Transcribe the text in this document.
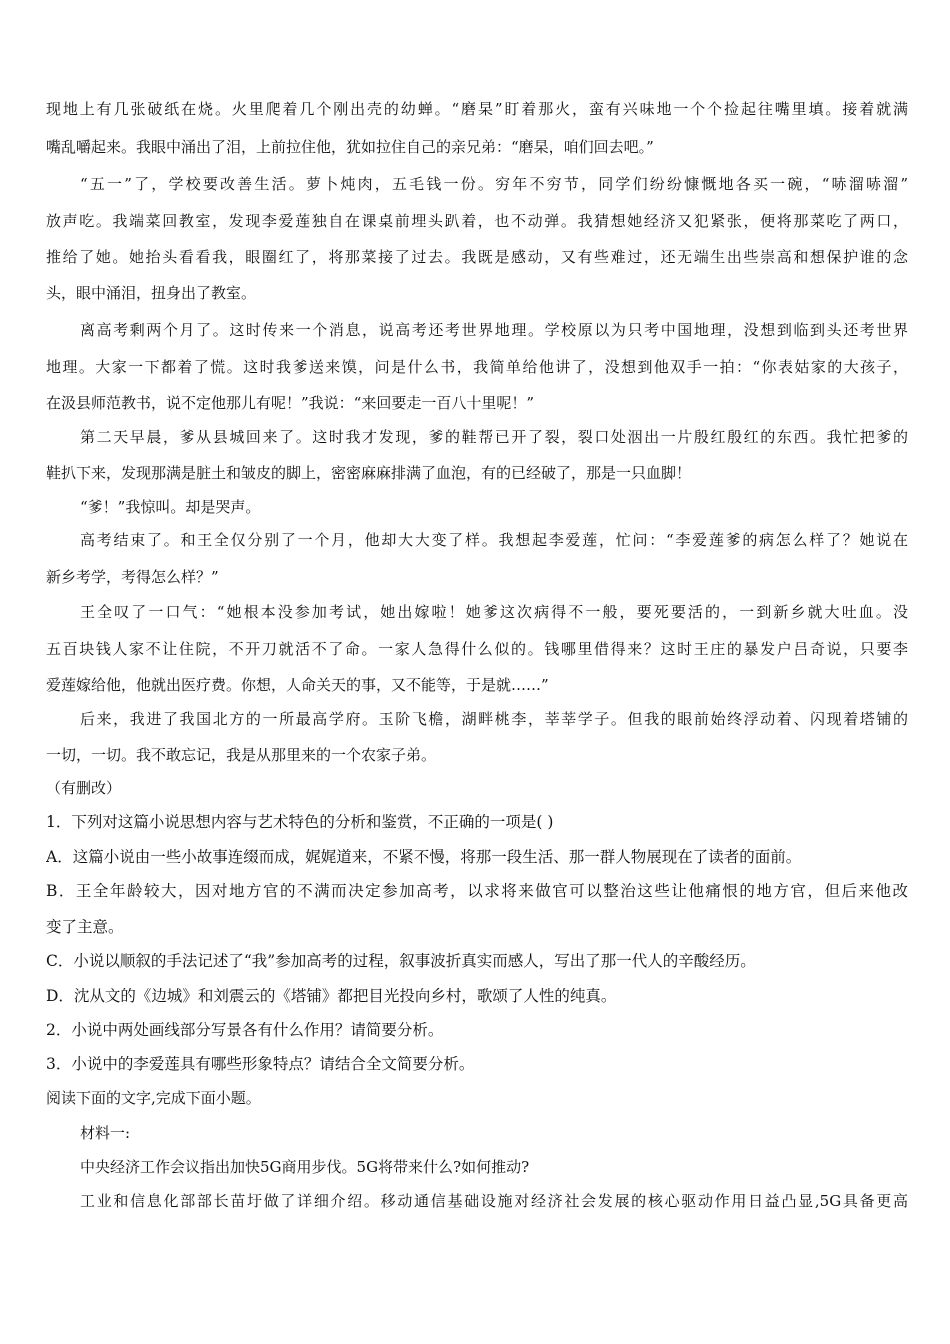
现地上有几张破纸在烧。火里爬着几个刚出壳的幼蝉。“磨杲”盯着那火，蛮有兴味地一个个捡起往嘴里填。接着就满
嘴乱嚼起来。我眼中涌出了泪，上前拉住他，犹如拉住自己的亲兄弟：“磨杲，咱们回去吧。”
“五一”了，学校要改善生活。萝卜炖肉，五毛钱一份。穷年不穷节，同学们纷纷慷慨地各买一碗，“哧溜哧溜”
放声吃。我端菜回教室，发现李爱莲独自在课桌前埋头趴着，也不动弹。我猜想她经济又犯紧张，便将那菜吃了两口，
推给了她。她抬头看看我，眼圈红了，将那菜接了过去。我既是感动，又有些难过，还无端生出些崇高和想保护谁的念
头，眼中涌泪，扭身出了教室。
离高考剩两个月了。这时传来一个消息，说高考还考世界地理。学校原以为只考中国地理，没想到临到头还考世界
地理。大家一下都着了慌。这时我爹送来馍，问是什么书，我简单给他讲了，没想到他双手一拍：“你表姑家的大孩子，
在汲县师范教书，说不定他那儿有呢！”我说：“来回要走一百八十里呢！”
第二天早晨，爹从县城回来了。这时我才发现，爹的鞋帮已开了裂，裂口处洇出一片殷红殷红的东西。我忙把爹的
鞋扒下来，发现那满是脏土和皱皮的脚上，密密麻麻排满了血泡，有的已经破了，那是一只血脚！
“爹！”我惊叫。却是哭声。
高考结束了。和王全仅分别了一个月，他却大大变了样。我想起李爱莲，忙问：“李爱莲爹的病怎么样了？她说在
新乡考学，考得怎么样？”
王全叹了一口气：“她根本没参加考试，她出嫁啦！她爹这次病得不一般，要死要活的，一到新乡就大吐血。没
五百块钱人家不让住院，不开刀就活不了命。一家人急得什么似的。钱哪里借得来？这时王庄的暴发户吕奇说，只要李
爱莲嫁给他，他就出医疗费。你想，人命关天的事，又不能等，于是就……”
后来，我进了我国北方的一所最高学府。玉阶飞檐，湖畔桃李，莘莘学子。但我的眼前始终浮动着、闪现着塔铺的
一切，一切。我不敢忘记，我是从那里来的一个农家子弟。
（有删改）
1．下列对这篇小说思想内容与艺术特色的分析和鉴赏，不正确的一项是( )
A．这篇小说由一些小故事连缀而成，娓娓道来，不紧不慢，将那一段生活、那一群人物展现在了读者的面前。
B．王全年龄较大，因对地方官的不满而决定参加高考，以求将来做官可以整治这些让他痛恨的地方官，但后来他改
变了主意。
C．小说以顺叙的手法记述了“我”参加高考的过程，叙事波折真实而感人，写出了那一代人的辛酸经历。
D．沈从文的《边城》和刘震云的《塔铺》都把目光投向乡村，歌颂了人性的纯真。
2．小说中两处画线部分写景各有什么作用？请简要分析。
3．小说中的李爱莲具有哪些形象特点？请结合全文简要分析。
阅读下面的文字,完成下面小题。
材料一:
中央经济工作会议指出加快5G商用步伐。5G将带来什么?如何推动?
工业和信息化部部长苗圩做了详细介绍。移动通信基础设施对经济社会发展的核心驱动作用日益凸显,5G具备更高
